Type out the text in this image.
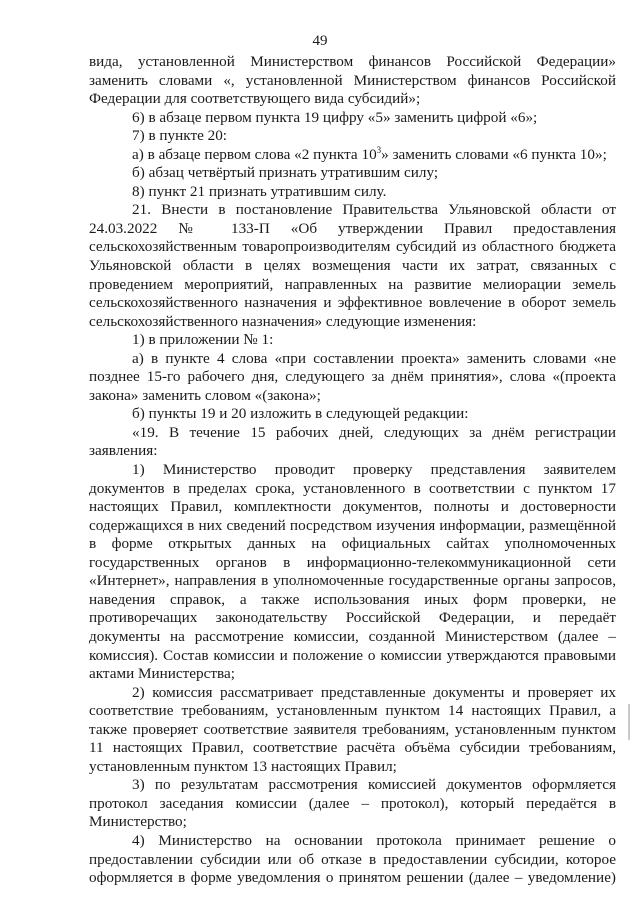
49

вида, установленной Министерством финансов Российской Федерации» заменить словами «, установленной Министерством финансов Российской Федерации для соответствующего вида субсидий»;

6) в абзаце первом пункта 19 цифру «5» заменить цифрой «6»;

7) в пункте 20:

а) в абзаце первом слова «2 пункта $10^3$» заменить словами «6 пункта 10»;

б) абзац четвёртый признать утратившим силу;

8) пункт 21 признать утратившим силу.

21. Внести в постановление Правительства Ульяновской области от 24.03.2022 № 133-П «Об утверждении Правил предоставления сельскохозяйственным товаропроизводителям субсидий из областного бюджета Ульяновской области в целях возмещения части их затрат, связанных с проведением мероприятий, направленных на развитие мелиорации земель сельскохозяйственного назначения и эффективное вовлечение в оборот земель сельскохозяйственного назначения» следующие изменения:

1) в приложении № 1:

а) в пункте 4 слова «при составлении проекта» заменить словами «не позднее 15-го рабочего дня, следующего за днём принятия», слова «(проекта закона» заменить словом «(закона»;

б) пункты 19 и 20 изложить в следующей редакции:

«19. В течение 15 рабочих дней, следующих за днём регистрации заявления:

1) Министерство проводит проверку представления заявителем документов в пределах срока, установленного в соответствии с пунктом 17 настоящих Правил, комплектности документов, полноты и достоверности содержащихся в них сведений посредством изучения информации, размещённой в форме открытых данных на официальных сайтах уполномоченных государственных органов в информационно-телекоммуникационной сети «Интернет», направления в уполномоченные государственные органы запросов, наведения справок, а также использования иных форм проверки, не противоречащих законодательству Российской Федерации, и передаёт документы на рассмотрение комиссии, созданной Министерством (далее – комиссия). Состав комиссии и положение о комиссии утверждаются правовыми актами Министерства;

2) комиссия рассматривает представленные документы и проверяет их соответствие требованиям, установленным пунктом 14 настоящих Правил, а также проверяет соответствие заявителя требованиям, установленным пунктом 11 настоящих Правил, соответствие расчёта объёма субсидии требованиям, установленным пунктом 13 настоящих Правил;

3) по результатам рассмотрения комиссией документов оформляется протокол заседания комиссии (далее – протокол), который передаётся в Министерство;

4) Министерство на основании протокола принимает решение о предоставлении субсидии или об отказе в предоставлении субсидии, которое оформляется в форме уведомления о принятом решении (далее – уведомление)
